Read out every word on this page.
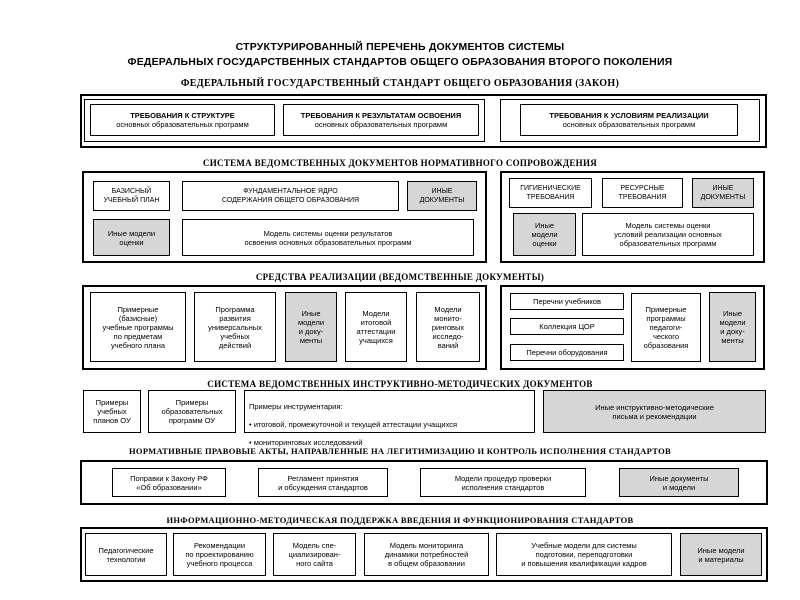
СТРУКТУРИРОВАННЫЙ ПЕРЕЧЕНЬ ДОКУМЕНТОВ СИСТЕМЫ
ФЕДЕРАЛЬНЫХ ГОСУДАРСТВЕННЫХ СТАНДАРТОВ ОБЩЕГО ОБРАЗОВАНИЯ ВТОРОГО ПОКОЛЕНИЯ
ФЕДЕРАЛЬНЫЙ ГОСУДАРСТВЕННЫЙ СТАНДАРТ ОБЩЕГО ОБРАЗОВАНИЯ (ЗАКОН)
ТРЕБОВАНИЯ К СТРУКТУРЕ
основных образовательных программ
ТРЕБОВАНИЯ К РЕЗУЛЬТАТАМ ОСВОЕНИЯ
основных образовательных программ
ТРЕБОВАНИЯ К УСЛОВИЯМ РЕАЛИЗАЦИИ
основных образовательных программ
СИСТЕМА ВЕДОМСТВЕННЫХ ДОКУМЕНТОВ НОРМАТИВНОГО СОПРОВОЖДЕНИЯ
БАЗИСНЫЙ
УЧЕБНЫЙ ПЛАН
ФУНДАМЕНТАЛЬНОЕ ЯДРО
СОДЕРЖАНИЯ ОБЩЕГО ОБРАЗОВАНИЯ
ИНЫЕ
ДОКУМЕНТЫ
Иные модели
оценки
Модель системы оценки результатов
освоения основных образовательных программ
ГИГИЕНИЧЕСКИЕ
ТРЕБОВАНИЯ
РЕСУРСНЫЕ
ТРЕБОВАНИЯ
ИНЫЕ
ДОКУМЕНТЫ
Иные
модели
оценки
Модель системы оценки
условий реализации основных
образовательных программ
СРЕДСТВА РЕАЛИЗАЦИИ (ВЕДОМСТВЕННЫЕ ДОКУМЕНТЫ)
Примерные
(базисные)
учебные программы
по предметам
учебного плана
Программа
развития
универсальных
учебных
действий
Иные
модели
и доку-
менты
Модели
итоговой
аттестации
учащихся
Модели
монито-
ринговых
исследо-
ваний
Перечни учебников
Коллекция ЦОР
Перечни оборудования
Примерные
программы
педагоги-
ческого
образования
Иные
модели
и доку-
менты
СИСТЕМА ВЕДОМСТВЕННЫХ ИНСТРУКТИВНО-МЕТОДИЧЕСКИХ ДОКУМЕНТОВ
Примеры
учебных
планов ОУ
Примеры
образовательных
программ ОУ

Примеры инструментария:

• итоговой, промежуточной и текущей аттестации учащихся

• мониторинговых исследований

Иные инструктивно-методические
письма и рекомендации
НОРМАТИВНЫЕ ПРАВОВЫЕ АКТЫ, НАПРАВЛЕННЫЕ НА ЛЕГИТИМИЗАЦИЮ И КОНТРОЛЬ ИСПОЛНЕНИЯ СТАНДАРТОВ
Поправки к Закону РФ
«Об образовании»
Регламент принятия
и обсуждения стандартов
Модели процедур проверки
исполнения стандартов
Иные документы
и модели
ИНФОРМАЦИОННО-МЕТОДИЧЕСКАЯ ПОДДЕРЖКА ВВЕДЕНИЯ И ФУНКЦИОНИРОВАНИЯ СТАНДАРТОВ
Педагогические
технологии
Рекомендации
по проектированию
учебного процесса
Модель спе-
циализирован-
ного сайта
Модель мониторинга
динамики потребностей
в общем образовании
Учебные модели для системы
подготовки, переподготовки
и повышения квалификации кадров
Иные модели
и материалы
